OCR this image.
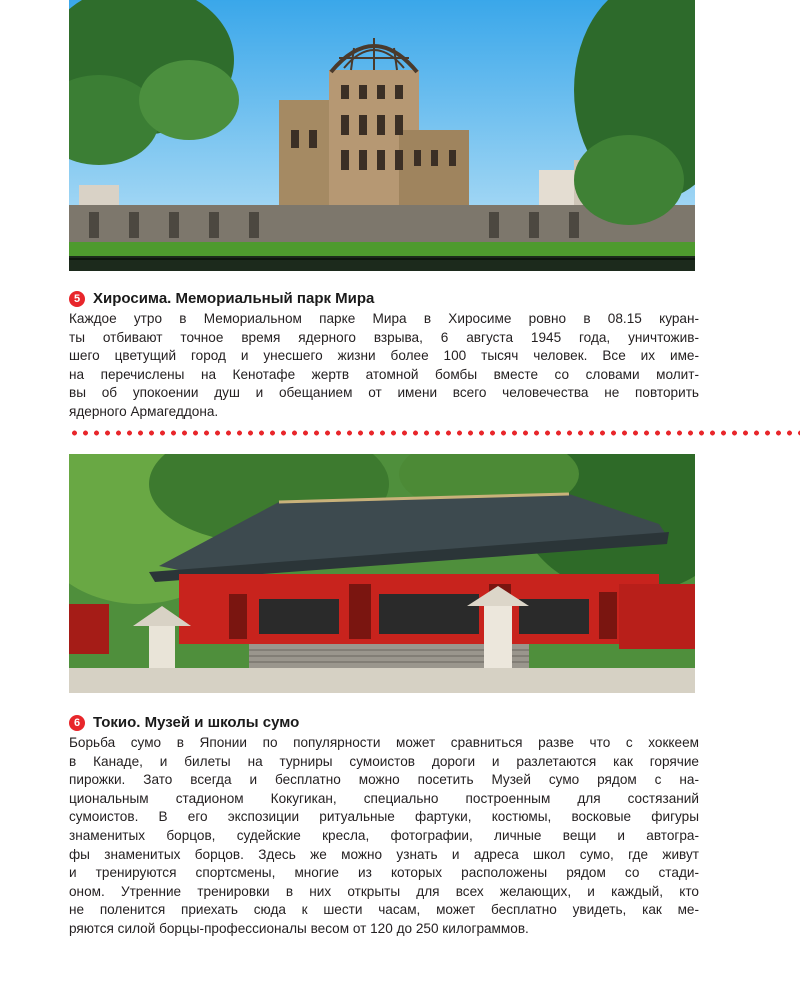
5 Хиросима. Мемориальный парк Мира
Каждое утро в Мемориальном парке Мира в Хиросиме ровно в 08.15 куран-
ты отбивают точное время ядерного взрыва, 6 августа 1945 года, уничтожив-
шего цветущий город и унесшего жизни более 100 тысяч человек. Все их име-
на перечислены на Кенотафе жертв атомной бомбы вместе со словами молит-
вы об упокоении душ и обещанием от имени всего человечества не повторить
ядерного Армагеддона.
6 Токио. Музей и школы сумо
Борьба сумо в Японии по популярности может сравниться разве что с хоккеем
в Канаде, и билеты на турниры сумоистов дороги и разлетаются как горячие
пирожки. Зато всегда и бесплатно можно посетить Музей сумо рядом с на-
циональным стадионом Кокугикан, специально построенным для состязаний
сумоистов. В его экспозиции ритуальные фартуки, костюмы, восковые фигуры
знаменитых борцов, судейские кресла, фотографии, личные вещи и автогра-
фы знаменитых борцов. Здесь же можно узнать и адреса школ сумо, где живут
и тренируются спортсмены, многие из которых расположены рядом со стади-
оном. Утренние тренировки в них открыты для всех желающих, и каждый, кто
не поленится приехать сюда к шести часам, может бесплатно увидеть, как ме-
ряются силой борцы-профессионалы весом от 120 до 250 килограммов.
